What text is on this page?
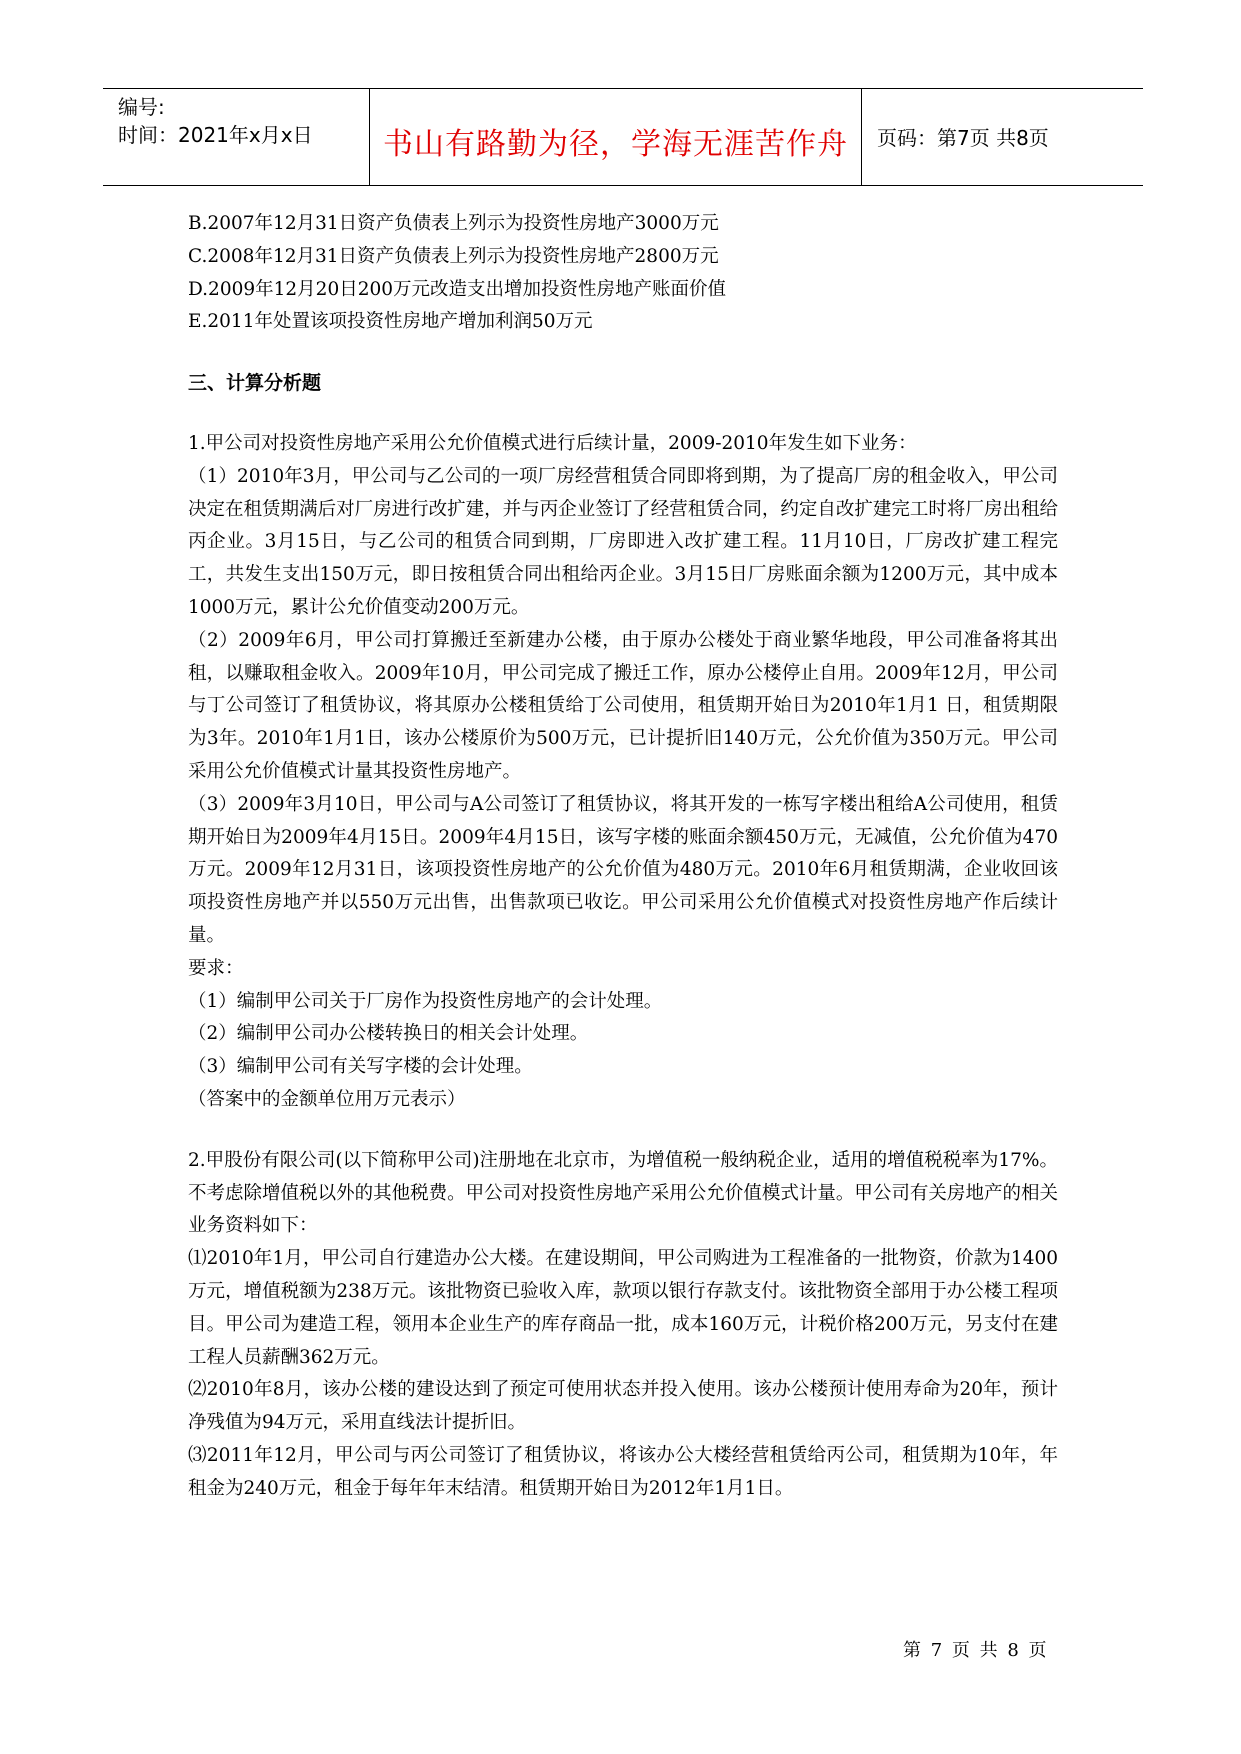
编号:
时间：2021年x月x日	书山有路勤为径，学海无涯苦作舟	页码：第7页 共8页

B.2007年12月31日资产负债表上列示为投资性房地产3000万元

C.2008年12月31日资产负债表上列示为投资性房地产2800万元

D.2009年12月20日200万元改造支出增加投资性房地产账面价值

E.2011年处置该项投资性房地产增加利润50万元

三、计算分析题

1.甲公司对投资性房地产采用公允价值模式进行后续计量，2009-2010年发生如下业务：

（1）2010年3月，甲公司与乙公司的一项厂房经营租赁合同即将到期，为了提高厂房的租金收入，甲公司决定在租赁期满后对厂房进行改扩建，并与丙企业签订了经营租赁合同，约定自改扩建完工时将厂房出租给丙企业。3月15日，与乙公司的租赁合同到期，厂房即进入改扩建工程。11月10日，厂房改扩建工程完工，共发生支出150万元，即日按租赁合同出租给丙企业。3月15日厂房账面余额为1200万元，其中成本1000万元，累计公允价值变动200万元。

（2）2009年6月，甲公司打算搬迁至新建办公楼，由于原办公楼处于商业繁华地段，甲公司准备将其出租，以赚取租金收入。2009年10月，甲公司完成了搬迁工作，原办公楼停止自用。2009年12月，甲公司与丁公司签订了租赁协议，将其原办公楼租赁给丁公司使用，租赁期开始日为2010年1月1 日，租赁期限为3年。2010年1月1日，该办公楼原价为500万元，已计提折旧140万元，公允价值为350万元。甲公司采用公允价值模式计量其投资性房地产。

（3）2009年3月10日，甲公司与A公司签订了租赁协议，将其开发的一栋写字楼出租给A公司使用，租赁期开始日为2009年4月15日。2009年4月15日，该写字楼的账面余额450万元，无减值，公允价值为470万元。2009年12月31日，该项投资性房地产的公允价值为480万元。2010年6月租赁期满，企业收回该项投资性房地产并以550万元出售，出售款项已收讫。甲公司采用公允价值模式对投资性房地产作后续计量。

要求：

（1）编制甲公司关于厂房作为投资性房地产的会计处理。

（2）编制甲公司办公楼转换日的相关会计处理。

（3）编制甲公司有关写字楼的会计处理。

（答案中的金额单位用万元表示）

2.甲股份有限公司(以下简称甲公司)注册地在北京市，为增值税一般纳税企业，适用的增值税税率为17%。不考虑除增值税以外的其他税费。甲公司对投资性房地产采用公允价值模式计量。甲公司有关房地产的相关业务资料如下：

⑴2010年1月，甲公司自行建造办公大楼。在建设期间，甲公司购进为工程准备的一批物资，价款为1400万元，增值税额为238万元。该批物资已验收入库，款项以银行存款支付。该批物资全部用于办公楼工程项目。甲公司为建造工程，领用本企业生产的库存商品一批，成本160万元，计税价格200万元，另支付在建工程人员薪酬362万元。

⑵2010年8月，该办公楼的建设达到了预定可使用状态并投入使用。该办公楼预计使用寿命为20年，预计净残值为94万元，采用直线法计提折旧。

⑶2011年12月，甲公司与丙公司签订了租赁协议，将该办公大楼经营租赁给丙公司，租赁期为10年，年租金为240万元，租金于每年年末结清。租赁期开始日为2012年1月1日。

第 7 页 共 8 页
